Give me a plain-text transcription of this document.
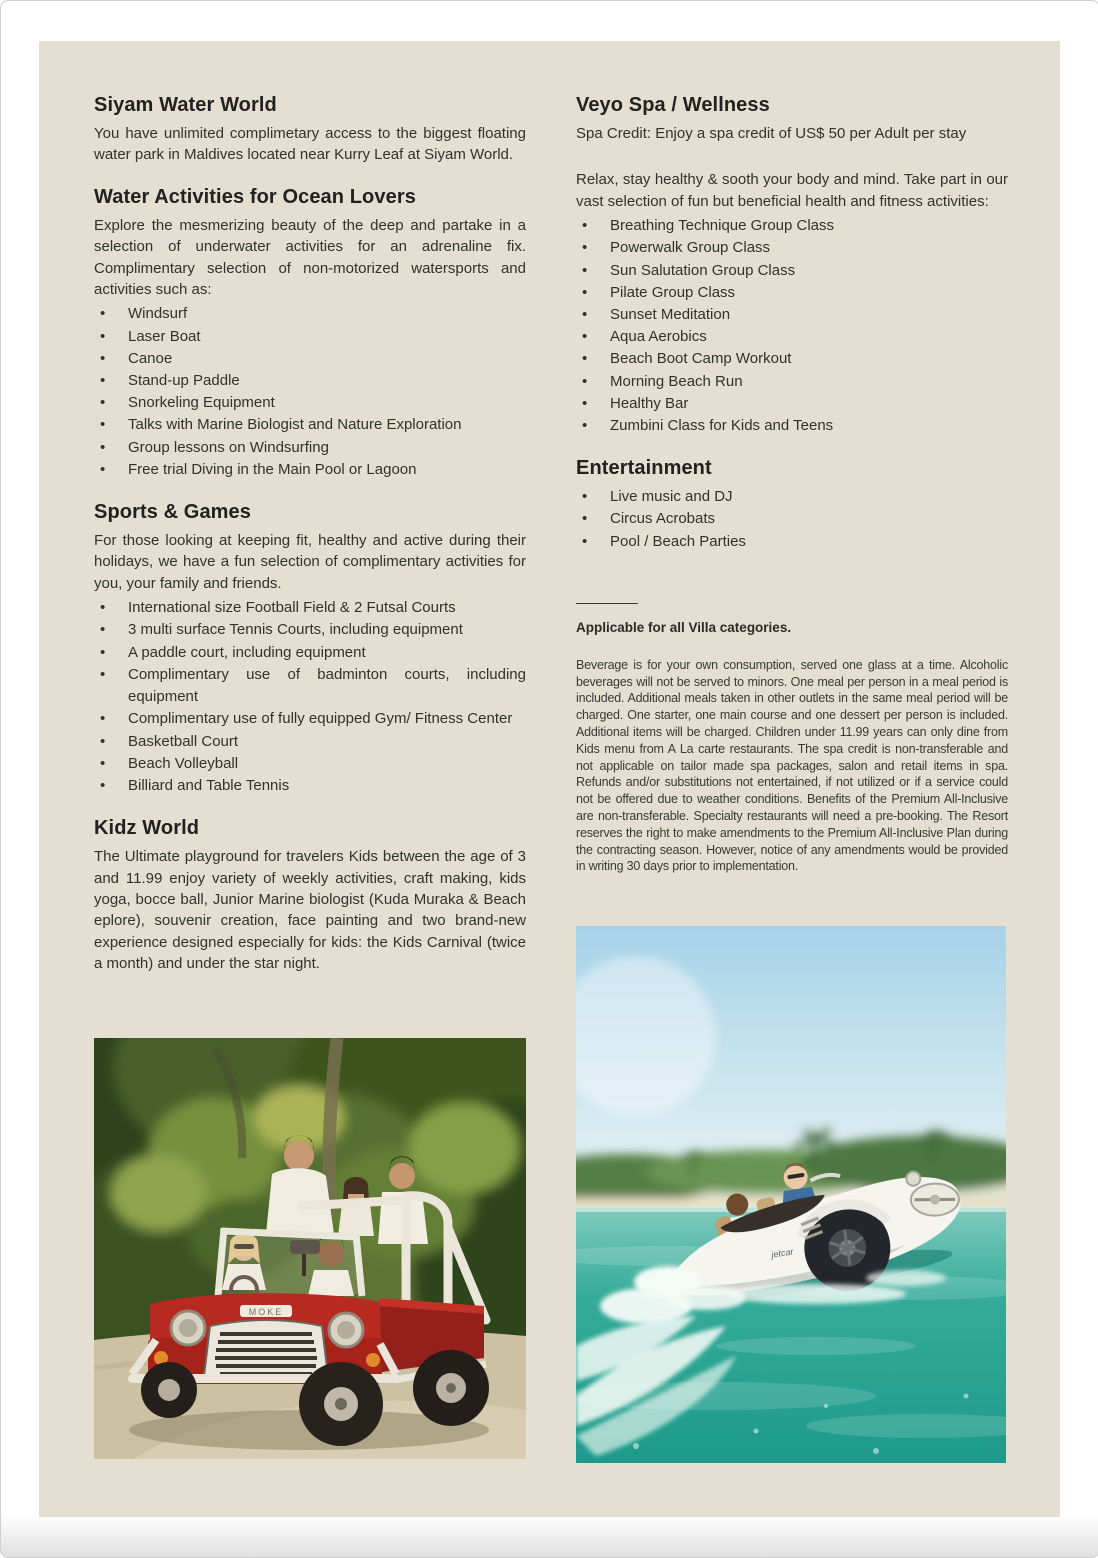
Siyam Water World

You have unlimited complimetary access to the biggest floating water park in Maldives located near Kurry Leaf at Siyam World.

Water Activities for Ocean Lovers

Explore the mesmerizing beauty of the deep and partake in a selection of underwater activities for an adrenaline fix. Complimentary selection of non-motorized watersports and activities such as:

• Windsurf
• Laser Boat
• Canoe
• Stand-up Paddle
• Snorkeling Equipment
• Talks with Marine Biologist and Nature Exploration
• Group lessons on Windsurfing
• Free trial Diving in the Main Pool or Lagoon
Sports & Games

For those looking at keeping fit, healthy and active during their holidays, we have a fun selection of complimentary activities for you, your family and friends.

• International size Football Field & 2 Futsal Courts
• 3 multi surface Tennis Courts, including equipment
• A paddle court, including equipment
• Complimentary use of badminton courts, including equipment
• Complimentary use of fully equipped Gym/ Fitness Center
• Basketball Court
• Beach Volleyball
• Billiard and Table Tennis
Kidz World

The Ultimate playground for travelers Kids between the age of 3 and 11.99 enjoy variety of weekly activities, craft making, kids yoga, bocce ball, Junior Marine biologist (Kuda Muraka & Beach eplore), souvenir creation, face painting and two brand-new experience designed especially for kids: the Kids Carnival (twice a month) and under the star night.

Veyo Spa / Wellness

Spa Credit: Enjoy a spa credit of US$ 50 per Adult per stay

Relax, stay healthy & sooth your body and mind. Take part in our vast selection of fun but beneficial health and fitness activities:

• Breathing Technique Group Class
• Powerwalk Group Class
• Sun Salutation Group Class
• Pilate Group Class
• Sunset Meditation
• Aqua Aerobics
• Beach Boot Camp Workout
• Morning Beach Run
• Healthy Bar
• Zumbini Class for Kids and Teens
Entertainment
• Live music and DJ
• Circus Acrobats
• Pool / Beach Parties

Applicable for all Villa categories.

Beverage is for your own consumption, served one glass at a time. Alcoholic beverages will not be served to minors. One meal per person in a meal period is included. Additional meals taken in other outlets in the same meal period will be charged. One starter, one main course and one dessert per person is included. Additional items will be charged. Children under 11.99 years can only dine from Kids menu from A La carte restaurants. The spa credit is non-transferable and not applicable on tailor made spa packages, salon and retail items in spa. Refunds and/or substitutions not entertained, if not utilized or if a service could not be offered due to weather conditions. Benefits of the Premium All-Inclusive are non-transferable. Specialty restaurants will need a pre-booking. The Resort reserves the right to make amendments to the Premium All-Inclusive Plan during the contracting season. However, notice of any amendments would be provided in writing 30 days prior to implementation.

MOKE
jetcar
